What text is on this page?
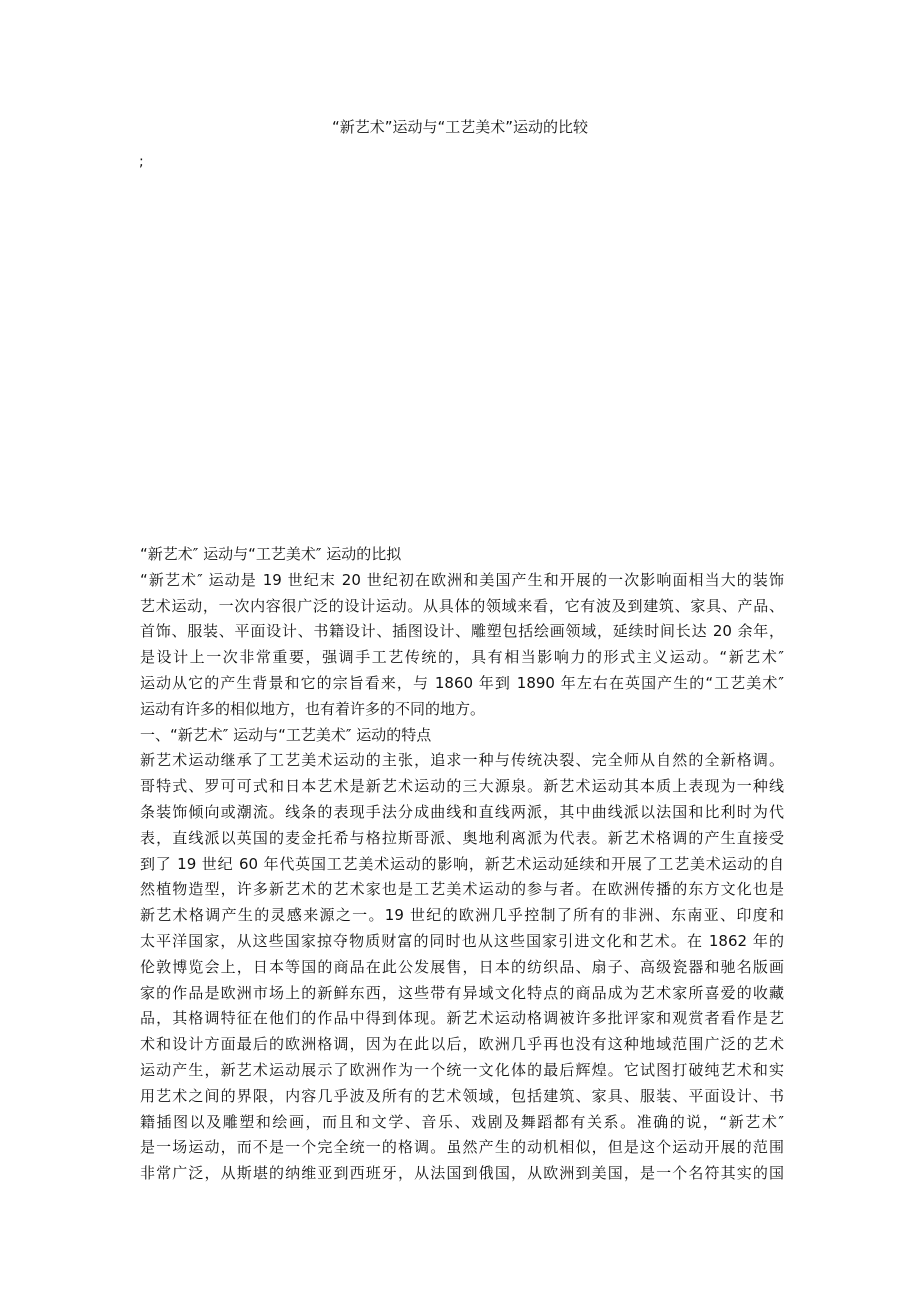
“新艺术”运动与“工艺美术”运动的比较
;
“新艺术″ 运动与“工艺美术″ 运动的比拟
“新艺术″ 运动是 19 世纪末 20 世纪初在欧洲和美国产生和开展的一次影响面相当大的装饰
艺术运动，一次内容很广泛的设计运动。从具体的领域来看，它有波及到建筑、家具、产品、
首饰、服装、平面设计、书籍设计、插图设计、雕塑包括绘画领域，延续时间长达 20 余年，
是设计上一次非常重要，强调手工艺传统的，具有相当影响力的形式主义运动。“新艺术″
运动从它的产生背景和它的宗旨看来，与 1860 年到 1890 年左右在英国产生的“工艺美术″
运动有许多的相似地方，也有着许多的不同的地方。
一、“新艺术″ 运动与“工艺美术″ 运动的特点
新艺术运动继承了工艺美术运动的主张，追求一种与传统决裂、完全师从自然的全新格调。
哥特式、罗可可式和日本艺术是新艺术运动的三大源泉。新艺术运动其本质上表现为一种线
条装饰倾向或潮流。线条的表现手法分成曲线和直线两派，其中曲线派以法国和比利时为代
表，直线派以英国的麦金托希与格拉斯哥派、奥地利离派为代表。新艺术格调的产生直接受
到了 19 世纪 60 年代英国工艺美术运动的影响，新艺术运动延续和开展了工艺美术运动的自
然植物造型，许多新艺术的艺术家也是工艺美术运动的参与者。在欧洲传播的东方文化也是
新艺术格调产生的灵感来源之一。19 世纪的欧洲几乎控制了所有的非洲、东南亚、印度和
太平洋国家，从这些国家掠夺物质财富的同时也从这些国家引进文化和艺术。在 1862 年的
伦敦博览会上，日本等国的商品在此公发展售，日本的纺织品、扇子、高级瓷器和驰名版画
家的作品是欧洲市场上的新鲜东西，这些带有异域文化特点的商品成为艺术家所喜爱的收藏
品，其格调特征在他们的作品中得到体现。新艺术运动格调被许多批评家和观赏者看作是艺
术和设计方面最后的欧洲格调，因为在此以后，欧洲几乎再也没有这种地域范围广泛的艺术
运动产生，新艺术运动展示了欧洲作为一个统一文化体的最后辉煌。它试图打破纯艺术和实
用艺术之间的界限，内容几乎波及所有的艺术领域，包括建筑、家具、服装、平面设计、书
籍插图以及雕塑和绘画，而且和文学、音乐、戏剧及舞蹈都有关系。准确的说，“新艺术″
是一场运动，而不是一个完全统一的格调。虽然产生的动机相似，但是这个运动开展的范围
非常广泛，从斯堪的纳维亚到西班牙，从法国到俄国，从欧洲到美国，是一个名符其实的国
